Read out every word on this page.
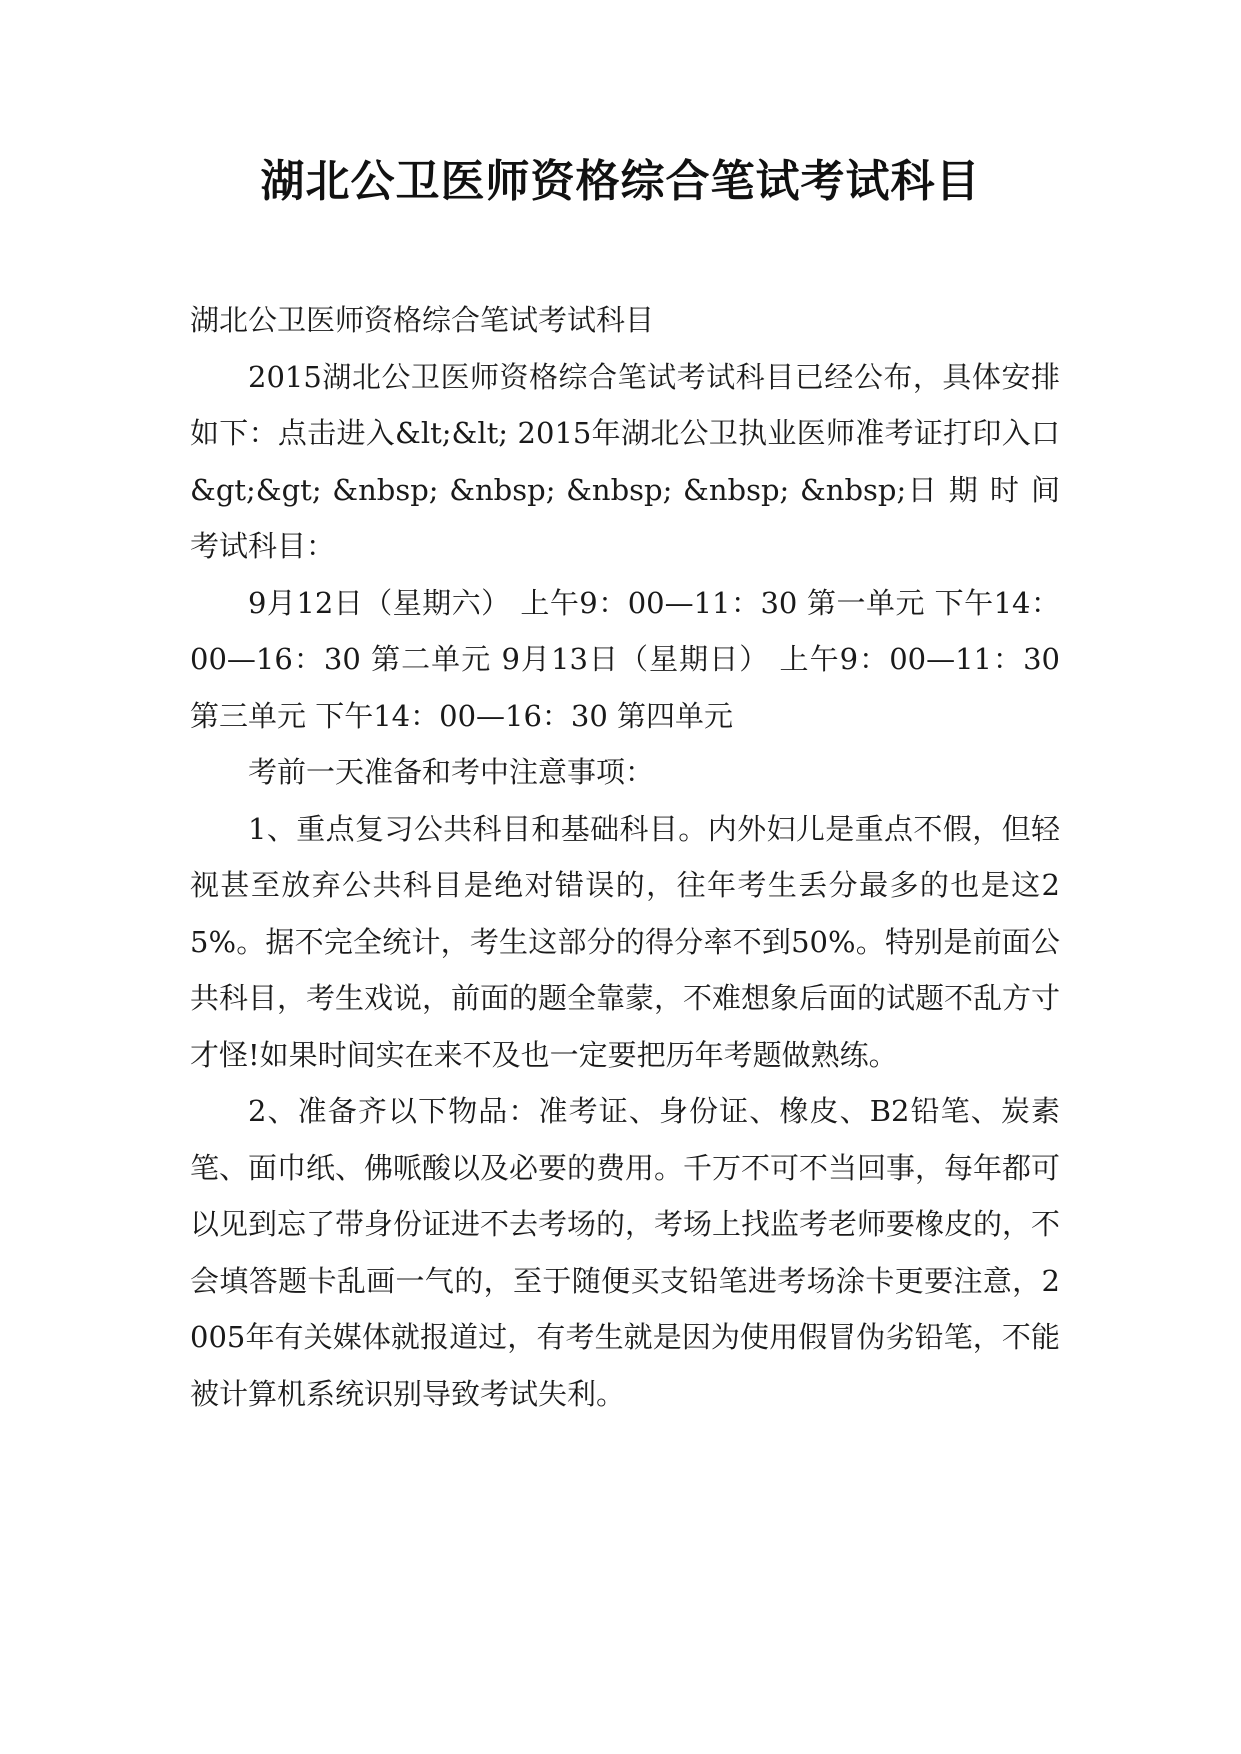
湖北公卫医师资格综合笔试考试科目

湖北公卫医师资格综合笔试考试科目

2015湖北公卫医师资格综合笔试考试科目已经公布，具体安排如下：点击进入&lt;&lt; 2015年湖北公卫执业医师准考证打印入口&gt;&gt; &nbsp; &nbsp; &nbsp; &nbsp; &nbsp;日 期 时 间 考试科目：

9月12日（星期六） 上午9：00—11：30 第一单元 下午14：00—16：30 第二单元 9月13日（星期日） 上午9：00—11：30 第三单元 下午14：00—16：30 第四单元

考前一天准备和考中注意事项：

1、重点复习公共科目和基础科目。内外妇儿是重点不假，但轻视甚至放弃公共科目是绝对错误的，往年考生丢分最多的也是这25%。据不完全统计，考生这部分的得分率不到50%。特别是前面公共科目，考生戏说，前面的题全靠蒙，不难想象后面的试题不乱方寸才怪!如果时间实在来不及也一定要把历年考题做熟练。

2、准备齐以下物品：准考证、身份证、橡皮、B2铅笔、炭素笔、面巾纸、佛哌酸以及必要的费用。千万不可不当回事，每年都可以见到忘了带身份证进不去考场的，考场上找监考老师要橡皮的，不会填答题卡乱画一气的，至于随便买支铅笔进考场涂卡更要注意，2005年有关媒体就报道过，有考生就是因为使用假冒伪劣铅笔，不能被计算机系统识别导致考试失利。
